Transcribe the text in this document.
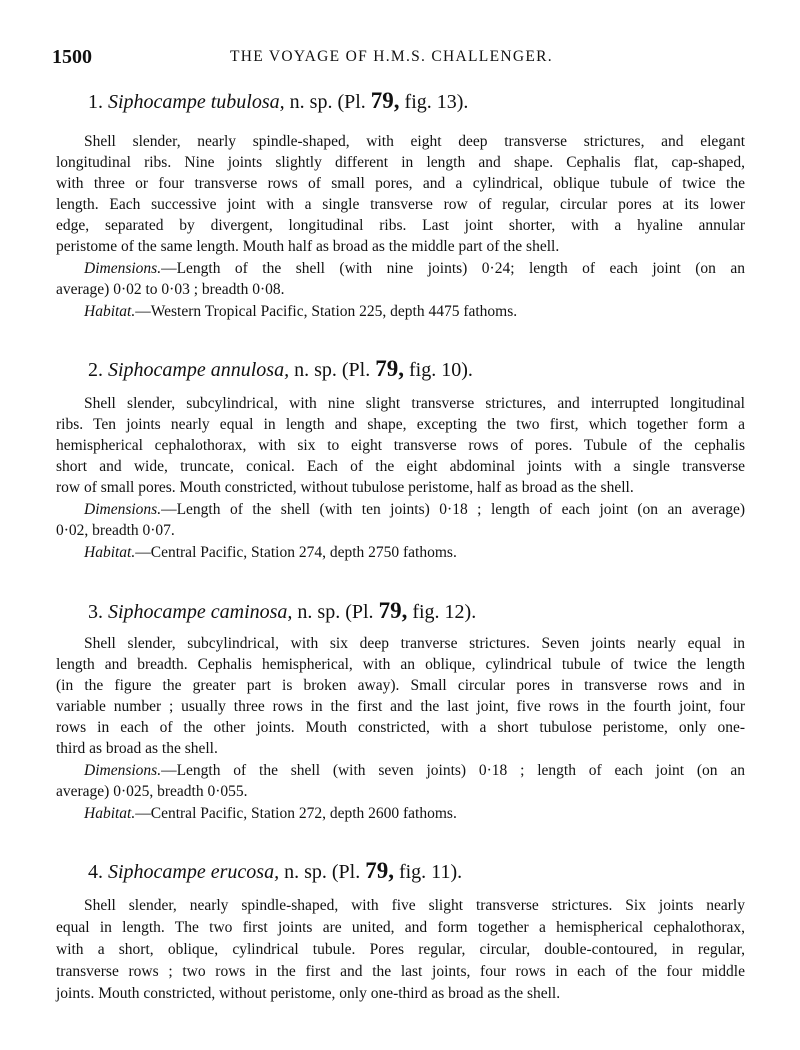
1500	THE VOYAGE OF H.M.S. CHALLENGER.
1. Siphocampe tubulosa, n. sp. (Pl. 79, fig. 13).
Shell slender, nearly spindle-shaped, with eight deep transverse strictures, and elegant
longitudinal ribs. Nine joints slightly different in length and shape. Cephalis flat, cap-shaped,
with three or four transverse rows of small pores, and a cylindrical, oblique tubule of twice the
length. Each successive joint with a single transverse row of regular, circular pores at its lower
edge, separated by divergent, longitudinal ribs. Last joint shorter, with a hyaline annular
peristome of the same length. Mouth half as broad as the middle part of the shell.
Dimensions.—Length of the shell (with nine joints) 0·24; length of each joint (on an
average) 0·02 to 0·03 ; breadth 0·08.
Habitat.—Western Tropical Pacific, Station 225, depth 4475 fathoms.
2. Siphocampe annulosa, n. sp. (Pl. 79, fig. 10).
Shell slender, subcylindrical, with nine slight transverse strictures, and interrupted longitudinal
ribs. Ten joints nearly equal in length and shape, excepting the two first, which together form a
hemispherical cephalothorax, with six to eight transverse rows of pores. Tubule of the cephalis
short and wide, truncate, conical. Each of the eight abdominal joints with a single transverse
row of small pores. Mouth constricted, without tubulose peristome, half as broad as the shell.
Dimensions.—Length of the shell (with ten joints) 0·18 ; length of each joint (on an average)
0·02, breadth 0·07.
Habitat.—Central Pacific, Station 274, depth 2750 fathoms.
3. Siphocampe caminosa, n. sp. (Pl. 79, fig. 12).
Shell slender, subcylindrical, with six deep tranverse strictures. Seven joints nearly equal in
length and breadth. Cephalis hemispherical, with an oblique, cylindrical tubule of twice the length
(in the figure the greater part is broken away). Small circular pores in transverse rows and in
variable number ; usually three rows in the first and the last joint, five rows in the fourth joint, four
rows in each of the other joints. Mouth constricted, with a short tubulose peristome, only one-
third as broad as the shell.
Dimensions.—Length of the shell (with seven joints) 0·18 ; length of each joint (on an
average) 0·025, breadth 0·055.
Habitat.—Central Pacific, Station 272, depth 2600 fathoms.
4. Siphocampe erucosa, n. sp. (Pl. 79, fig. 11).
Shell slender, nearly spindle-shaped, with five slight transverse strictures. Six joints nearly
equal in length. The two first joints are united, and form together a hemispherical cephalothorax,
with a short, oblique, cylindrical tubule. Pores regular, circular, double-contoured, in regular,
transverse rows ; two rows in the first and the last joints, four rows in each of the four middle
joints. Mouth constricted, without peristome, only one-third as broad as the shell.
